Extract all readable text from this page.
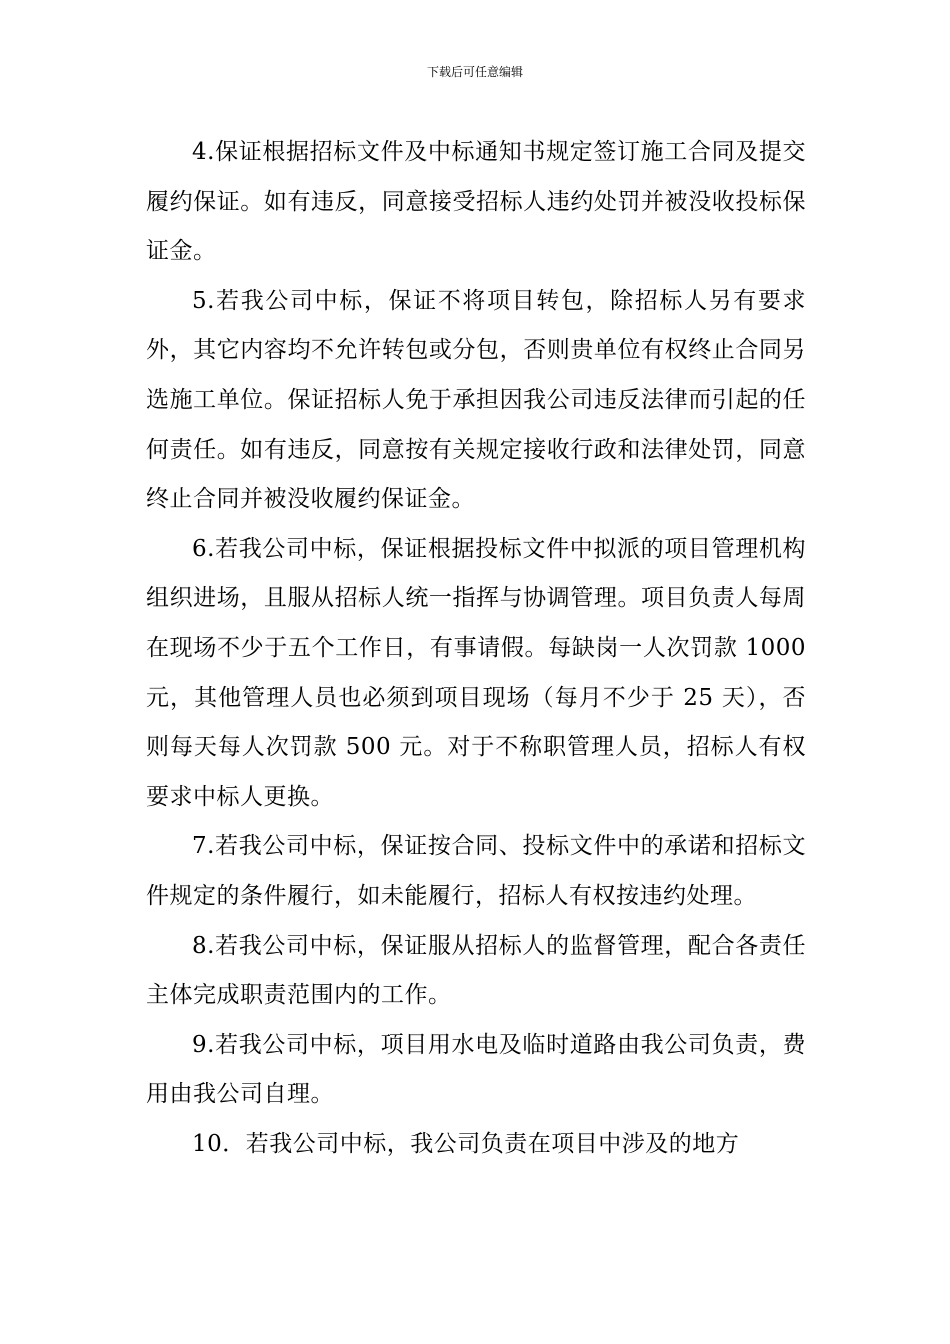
下载后可任意编辑

4.保证根据招标文件及中标通知书规定签订施工合同及提交履约保证。如有违反，同意接受招标人违约处罚并被没收投标保证金。

5.若我公司中标，保证不将项目转包，除招标人另有要求外，其它内容均不允许转包或分包，否则贵单位有权终止合同另选施工单位。保证招标人免于承担因我公司违反法律而引起的任何责任。如有违反，同意按有关规定接收行政和法律处罚，同意终止合同并被没收履约保证金。

6.若我公司中标，保证根据投标文件中拟派的项目管理机构组织进场，且服从招标人统一指挥与协调管理。项目负责人每周在现场不少于五个工作日，有事请假。每缺岗一人次罚款 1000 元，其他管理人员也必须到项目现场（每月不少于 25 天），否则每天每人次罚款 500 元。对于不称职管理人员，招标人有权要求中标人更换。

7.若我公司中标，保证按合同、投标文件中的承诺和招标文件规定的条件履行，如未能履行，招标人有权按违约处理。

8.若我公司中标，保证服从招标人的监督管理，配合各责任主体完成职责范围内的工作。

9.若我公司中标，项目用水电及临时道路由我公司负责，费用由我公司自理。

10．若我公司中标，我公司负责在项目中涉及的地方
